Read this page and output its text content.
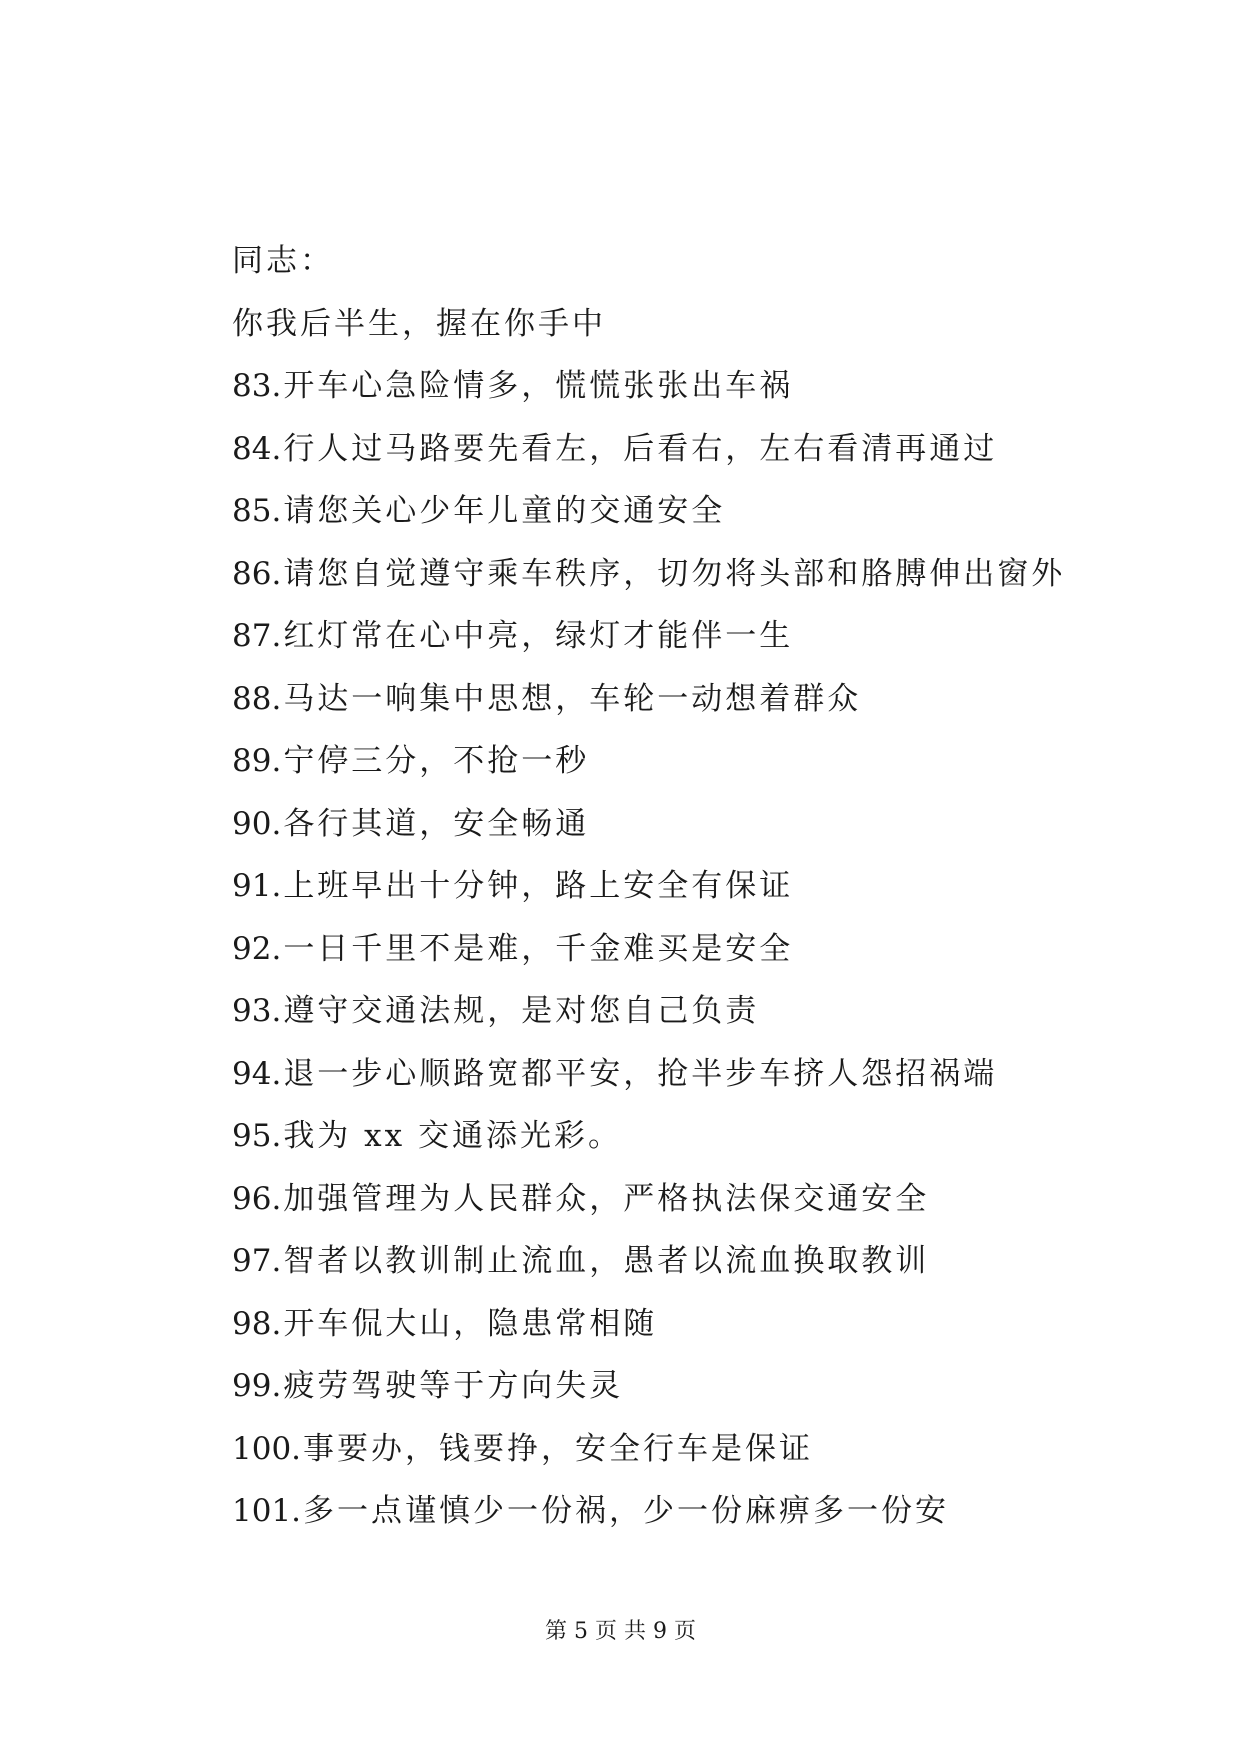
同志：
你我后半生，握在你手中
83.开车心急险情多，慌慌张张出车祸
84.行人过马路要先看左，后看右，左右看清再通过
85.请您关心少年儿童的交通安全
86.请您自觉遵守乘车秩序，切勿将头部和胳膊伸出窗外
87.红灯常在心中亮，绿灯才能伴一生
88.马达一响集中思想，车轮一动想着群众
89.宁停三分，不抢一秒
90.各行其道，安全畅通
91.上班早出十分钟，路上安全有保证
92.一日千里不是难，千金难买是安全
93.遵守交通法规，是对您自己负责
94.退一步心顺路宽都平安，抢半步车挤人怨招祸端
95.我为 xx 交通添光彩。
96.加强管理为人民群众，严格执法保交通安全
97.智者以教训制止流血，愚者以流血换取教训
98.开车侃大山，隐患常相随
99.疲劳驾驶等于方向失灵
100.事要办，钱要挣，安全行车是保证
101.多一点谨慎少一份祸，少一份麻痹多一份安
第 5 页 共 9 页
